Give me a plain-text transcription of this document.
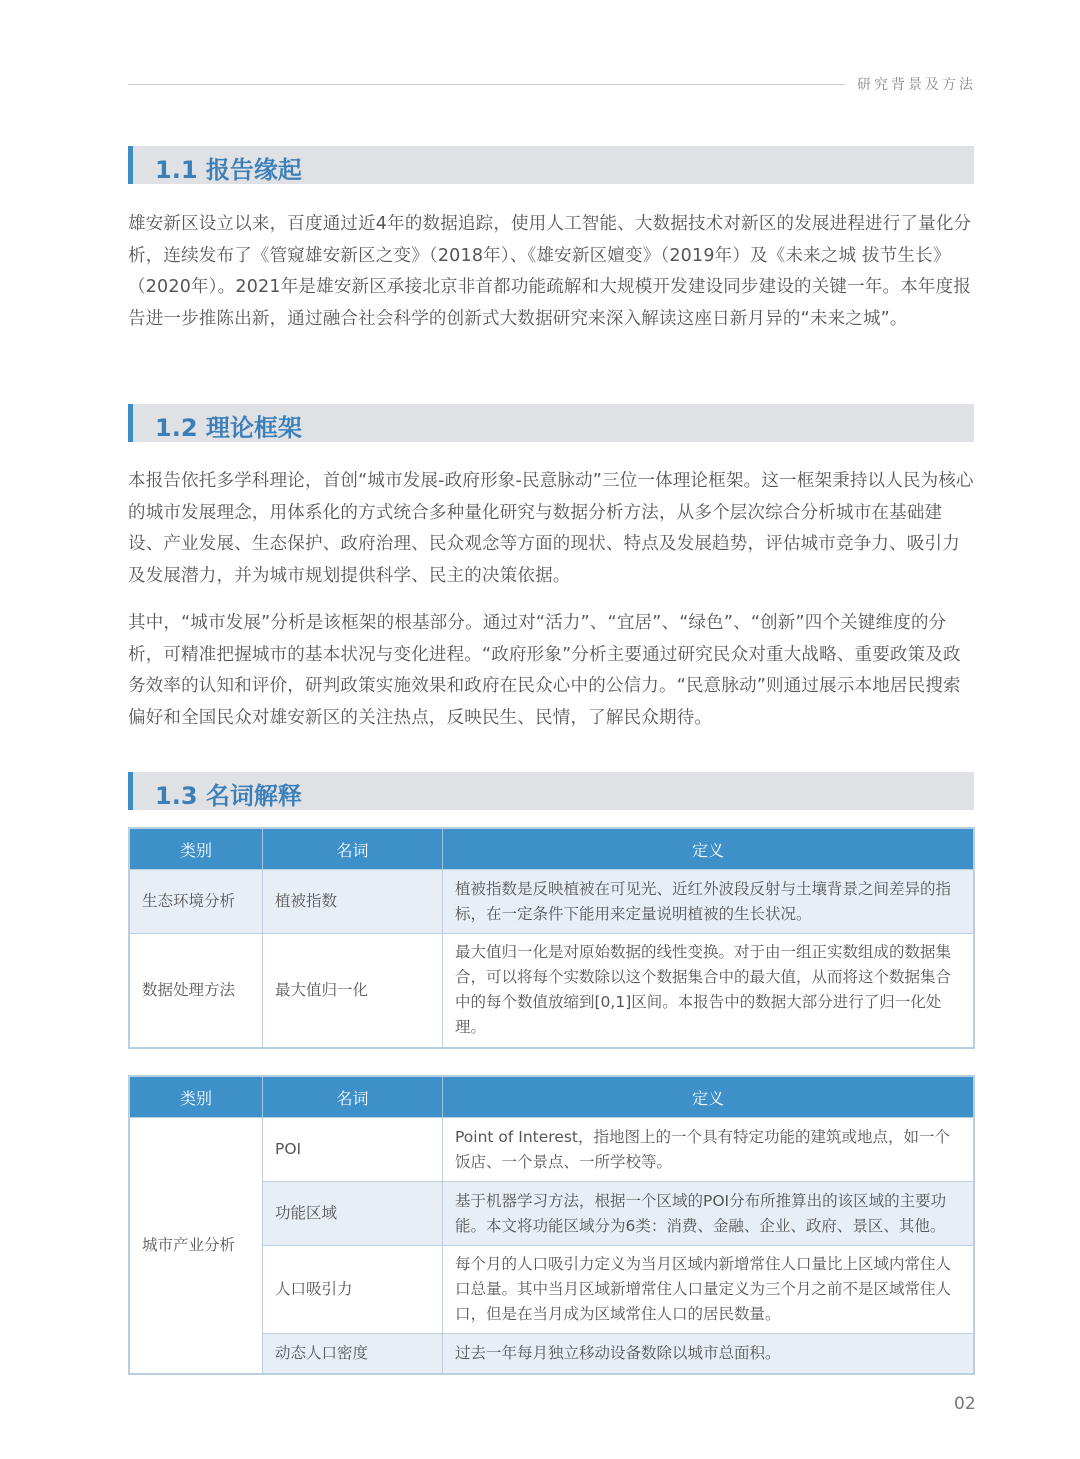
研究背景及方法
1.1 报告缘起
雄安新区设立以来，百度通过近4年的数据追踪，使用人工智能、大数据技术对新区的发展进程进行了量化分析，连续发布了《管窥雄安新区之变》（2018年）、《雄安新区嬗变》（2019年）及《未来之城 拔节生长》（2020年）。2021年是雄安新区承接北京非首都功能疏解和大规模开发建设同步建设的关键一年。本年度报告进一步推陈出新，通过融合社会科学的创新式大数据研究来深入解读这座日新月异的“未来之城”。
1.2 理论框架
本报告依托多学科理论，首创“城市发展-政府形象-民意脉动”三位一体理论框架。这一框架秉持以人民为核心的城市发展理念，用体系化的方式统合多种量化研究与数据分析方法，从多个层次综合分析城市在基础建设、产业发展、生态保护、政府治理、民众观念等方面的现状、特点及发展趋势，评估城市竞争力、吸引力及发展潜力，并为城市规划提供科学、民主的决策依据。
其中，“城市发展”分析是该框架的根基部分。通过对“活力”、“宜居”、“绿色”、“创新”四个关键维度的分析，可精准把握城市的基本状况与变化进程。“政府形象”分析主要通过研究民众对重大战略、重要政策及政务效率的认知和评价，研判政策实施效果和政府在民众心中的公信力。“民意脉动”则通过展示本地居民搜索偏好和全国民众对雄安新区的关注热点，反映民生、民情，了解民众期待。
1.3 名词解释
类别	名词	定义
生态环境分析	植被指数	植被指数是反映植被在可见光、近红外波段反射与土壤背景之间差异的指标，在一定条件下能用来定量说明植被的生长状况。
数据处理方法	最大值归一化	最大值归一化是对原始数据的线性变换。对于由一组正实数组成的数据集合，可以将每个实数除以这个数据集合中的最大值，从而将这个数据集合中的每个数值放缩到[0,1]区间。本报告中的数据大部分进行了归一化处理。
类别	名词	定义
城市产业分析	POI	Point of Interest，指地图上的一个具有特定功能的建筑或地点，如一个饭店、一个景点、一所学校等。
	功能区域	基于机器学习方法，根据一个区域的POI分布所推算出的该区域的主要功能。本文将功能区域分为6类：消费、金融、企业、政府、景区、其他。
	人口吸引力	每个月的人口吸引力定义为当月区域内新增常住人口量比上区域内常住人口总量。其中当月区域新增常住人口量定义为三个月之前不是区域常住人口，但是在当月成为区域常住人口的居民数量。
	动态人口密度	过去一年每月独立移动设备数除以城市总面积。
02
